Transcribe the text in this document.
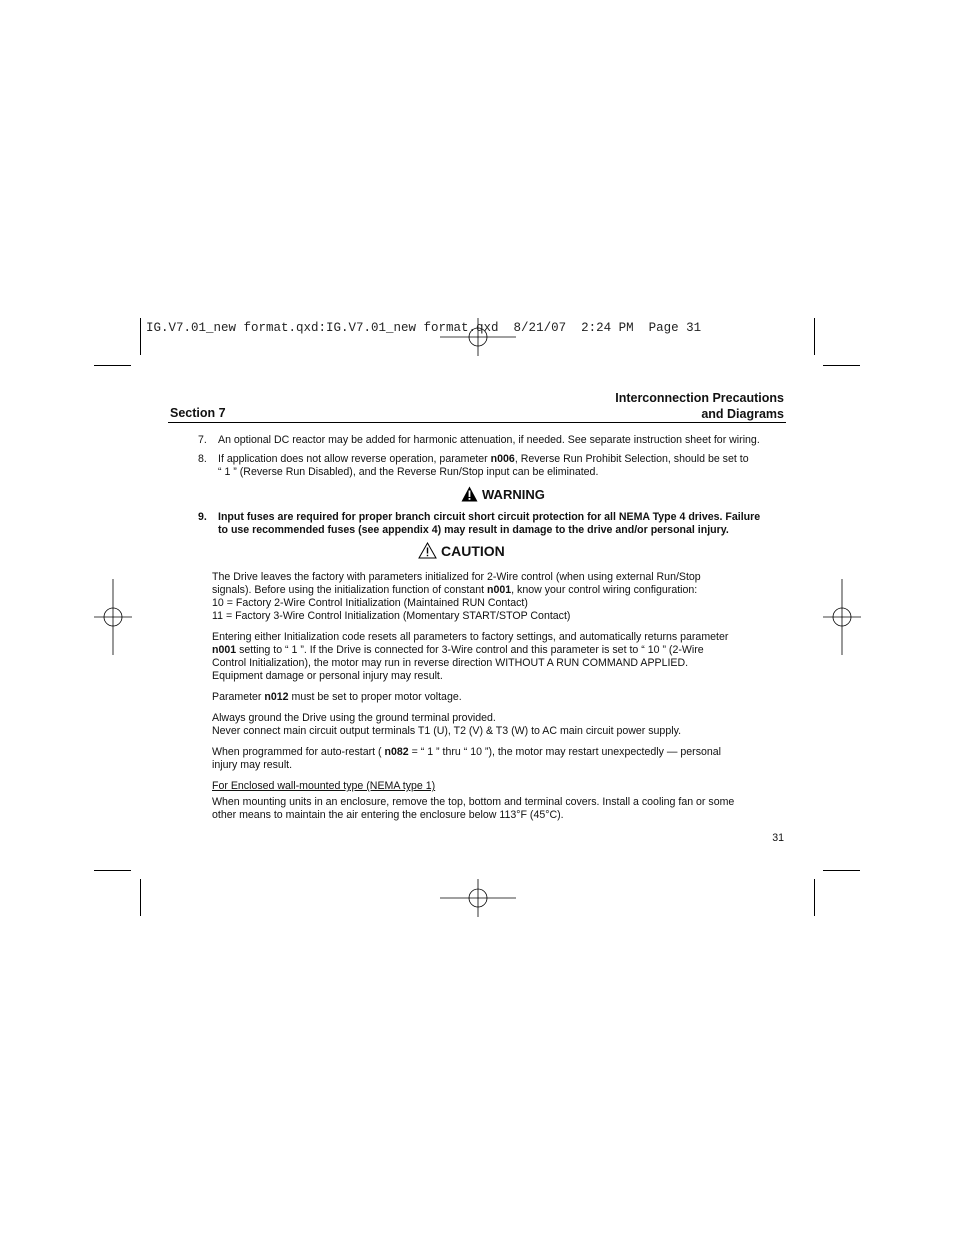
IG.V7.01_new format.qxd:IG.V7.01_new format.qxd  8/21/07  2:24 PM  Page 31
Section 7
Interconnection Precautions
and Diagrams
7. An optional DC reactor may be added for harmonic attenuation, if needed. See separate instruction sheet for wiring.
8. If application does not allow reverse operation, parameter n006, Reverse Run Prohibit Selection, should be set to
“ 1 ” (Reverse Run Disabled), and the Reverse Run/Stop input can be eliminated.
WARNING
9. Input fuses are required for proper branch circuit short circuit protection for all NEMA Type 4 drives. Failure
to use recommended fuses (see appendix 4) may result in damage to the drive and/or personal injury.
CAUTION
The Drive leaves the factory with parameters initialized for 2-Wire control (when using external Run/Stop
signals). Before using the initialization function of constant n001, know your control wiring configuration:
10 = Factory 2-Wire Control Initialization (Maintained RUN Contact)
11 = Factory 3-Wire Control Initialization (Momentary START/STOP Contact)
Entering either Initialization code resets all parameters to factory settings, and automatically returns parameter
n001 setting to “ 1 ”. If the Drive is connected for 3-Wire control and this parameter is set to “ 10 ” (2-Wire
Control Initialization), the motor may run in reverse direction WITHOUT A RUN COMMAND APPLIED.
Equipment damage or personal injury may result.
Parameter n012 must be set to proper motor voltage.
Always ground the Drive using the ground terminal provided.
Never connect main circuit output terminals T1 (U), T2 (V) & T3 (W) to AC main circuit power supply.
When programmed for auto-restart ( n082 = “ 1 ” thru “ 10 ”), the motor may restart unexpectedly — personal
injury may result.
For Enclosed wall-mounted type (NEMA type 1)
When mounting units in an enclosure, remove the top, bottom and terminal covers. Install a cooling fan or some
other means to maintain the air entering the enclosure below 113°F (45°C).
31
